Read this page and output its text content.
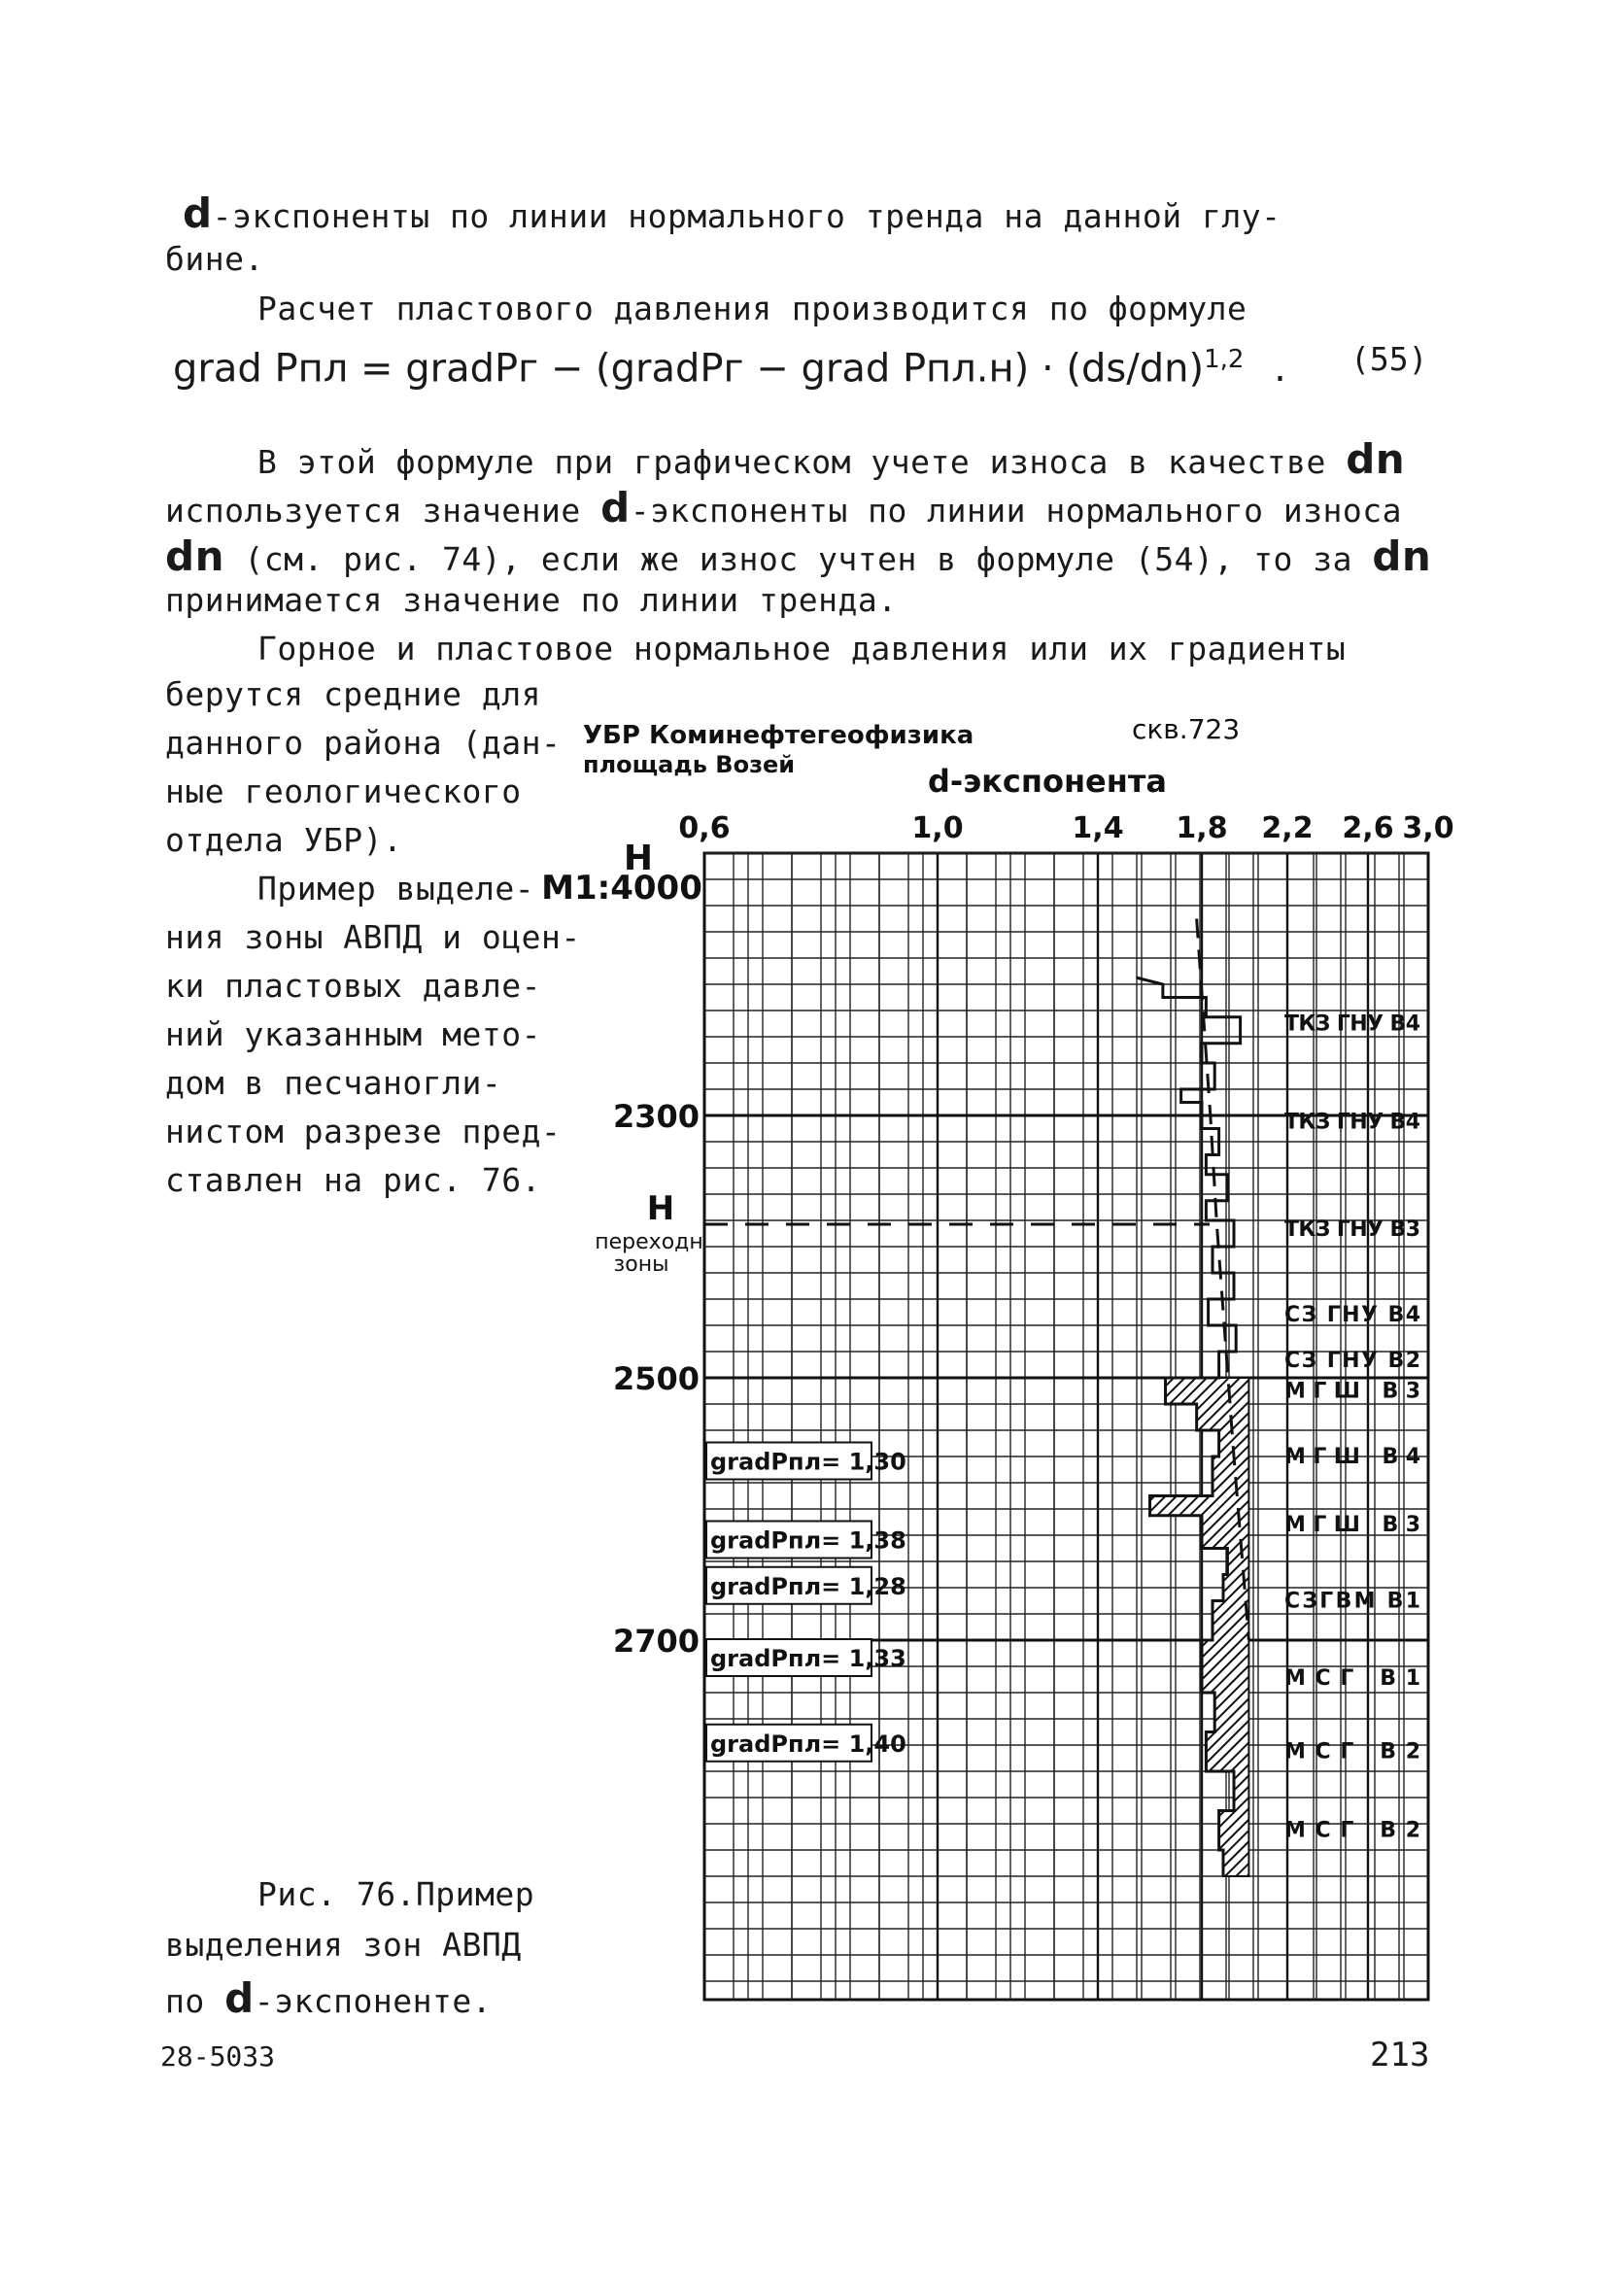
d-экспоненты по линии нормального тренда на данной глу-
бине.
Расчет пластового давления производится по формуле
grad Pпл = gradPг − (gradPг − grad $Pпл.н) \cdot (ds/dn)^{1,2}$ . (55)
В этой формуле при графическом учете износа в качестве dn
используется значение d-экспоненты по линии нормального износа
dn (см. рис. 74), если же износ учтен в формуле (54), то за dn
принимается значение по линии тренда.
Горное и пластовое нормальное давления или их градиенты
берутся средние для
данного района (дан-
ные геологического
отдела УБР).
Пример выделе-
ния зоны АВПД и оцен-
ки пластовых давле-
ний указанным мето-
дом в песчаногли-
нистом разрезе пред-
ставлен на рис. 76.
Рис. 76.Пример
выделения зон АВПД
по d-экспоненте.
28-5033	213
0,6	1,0	1,4 1,8 2,2 2,6 3,0
УБР Коминефтегеофизика
площадь Возей
скв.723
d-экспонента
H
M1:4000
2300
2500
2700
H
переходн
зоны
gradPпл= 1,30
gradPпл= 1,38
gradPпл= 1,28
gradPпл= 1,33
gradPпл= 1,40
ТКЗ ГНУ В4
ТКЗ ГНУ В4
ТКЗ ГНУ В3
СЗ ГНУ В4
СЗ ГНУ В2
МГШ В3
МГШ В4
МГШ В3
СЗГВМ В1
МСГ В1
МСГ В2
МСГ В2
